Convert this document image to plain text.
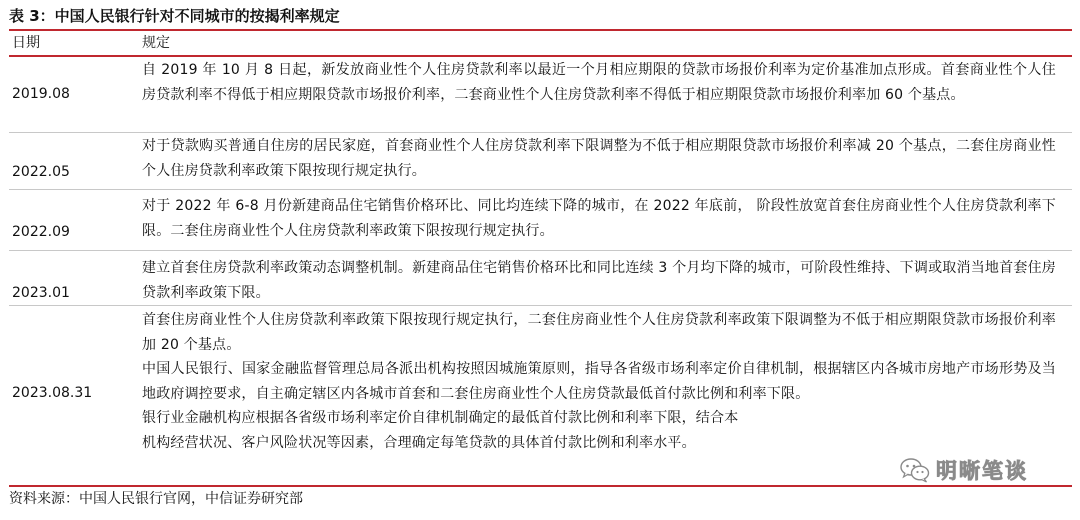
表 3：中国人民银行针对不同城市的按揭利率规定
日期	规定
2019.08

自 2019 年 10 月 8 日起，新发放商业性个人住房贷款利率以最近一个月相应期限的贷款市场报价利率为定价基准加点形成。首套商业性个人住房贷款利率不得低于相应期限贷款市场报价利率，二套商业性个人住房贷款利率不得低于相应期限贷款市场报价利率加 60 个基点。

2022.05

对于贷款购买普通自住房的居民家庭，首套商业性个人住房贷款利率下限调整为不低于相应期限贷款市场报价利率减 20 个基点，二套住房商业性个人住房贷款利率政策下限按现行规定执行。

2022.09

对于 2022 年 6-8 月份新建商品住宅销售价格环比、同比均连续下降的城市，在 2022 年底前， 阶段性放宽首套住房商业性个人住房贷款利率下限。二套住房商业性个人住房贷款利率政策下限按现行规定执行。

2023.01

建立首套住房贷款利率政策动态调整机制。新建商品住宅销售价格环比和同比连续 3 个月均下降的城市，可阶段性维持、下调或取消当地首套住房贷款利率政策下限。

2023.08.31

首套住房商业性个人住房贷款利率政策下限按现行规定执行，二套住房商业性个人住房贷款利率政策下限调整为不低于相应期限贷款市场报价利率加 20 个基点。

中国人民银行、国家金融监督管理总局各派出机构按照因城施策原则，指导各省级市场利率定价自律机制，根据辖区内各城市房地产市场形势及当地政府调控要求，自主确定辖区内各城市首套和二套住房商业性个人住房贷款最低首付款比例和利率下限。

银行业金融机构应根据各省级市场利率定价自律机制确定的最低首付款比例和利率下限，结合本

机构经营状况、客户风险状况等因素，合理确定每笔贷款的具体首付款比例和利率水平。

资料来源：中国人民银行官网，中信证券研究部
明晰笔谈
